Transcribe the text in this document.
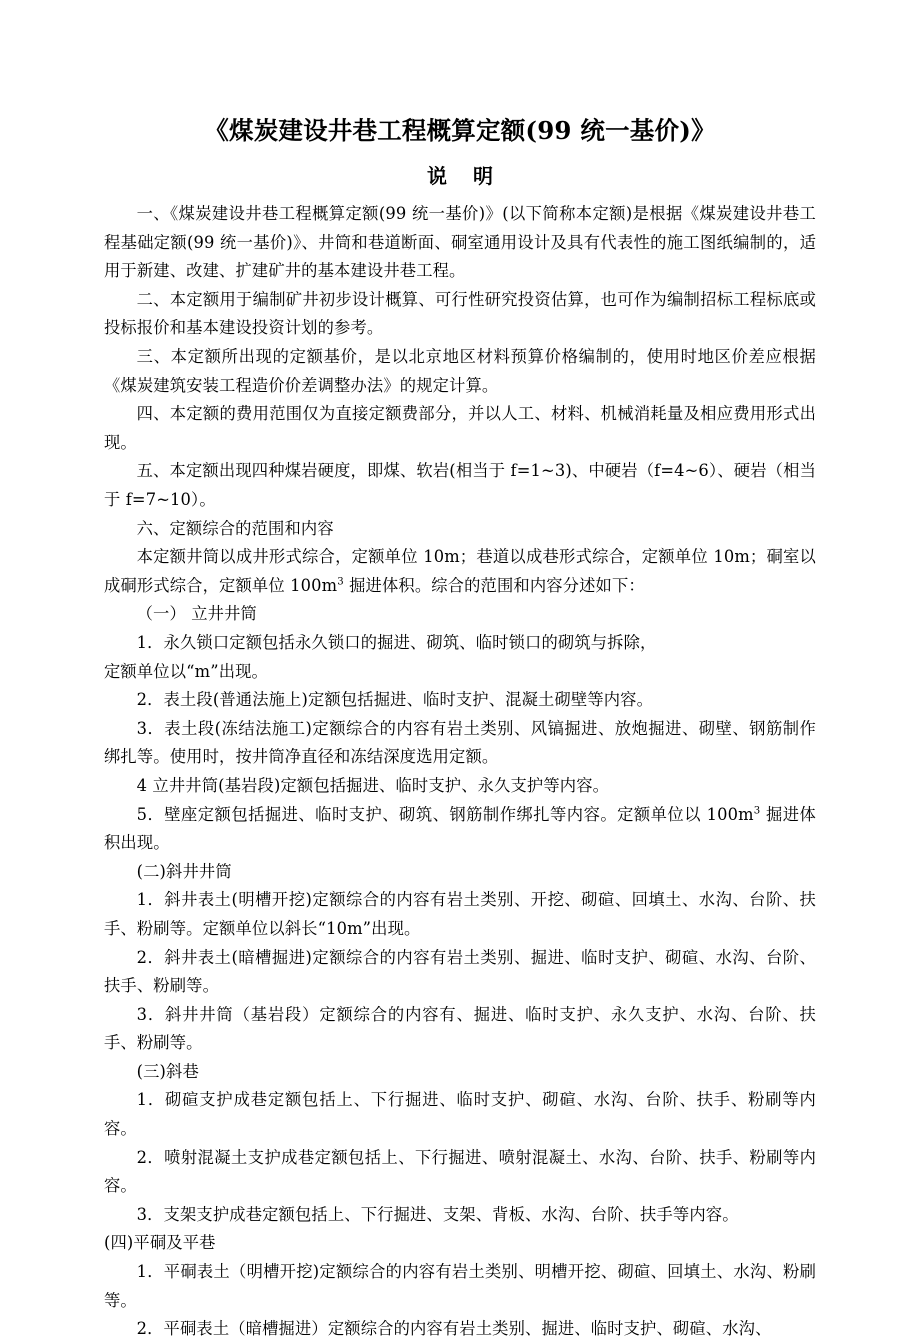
《煤炭建设井巷工程概算定额(99 统一基价)》
说 明

一、《煤炭建设井巷工程概算定额(99 统一基价)》(以下简称本定额)是根据《煤炭建设井巷工程基础定额(99 统一基价)》、井筒和巷道断面、硐室通用设计及具有代表性的施工图纸编制的，适用于新建、改建、扩建矿井的基本建设井巷工程。

二、本定额用于编制矿井初步设计概算、可行性研究投资估算，也可作为编制招标工程标底或投标报价和基本建设投资计划的参考。

三、本定额所出现的定额基价，是以北京地区材料预算价格编制的，使用时地区价差应根据《煤炭建筑安装工程造价价差调整办法》的规定计算。

四、本定额的费用范围仅为直接定额费部分，并以人工、材料、机械消耗量及相应费用形式出现。

五、本定额出现四种煤岩硬度，即煤、软岩(相当于 f=1~3)、中硬岩（f=4~6）、硬岩（相当于 f=7~10）。

六、定额综合的范围和内容

本定额井筒以成井形式综合，定额单位 10m；巷道以成巷形式综合，定额单位 10m；硐室以成硐形式综合，定额单位 $100m^3$ 掘进体积。综合的范围和内容分述如下：

（一） 立井井筒

1．永久锁口定额包括永久锁口的掘进、砌筑、临时锁口的砌筑与拆除，

定额单位以“m”出现。

2．表土段(普通法施上)定额包括掘进、临时支护、混凝土砌壁等内容。

3．表土段(冻结法施工)定额综合的内容有岩土类别、风镐掘进、放炮掘进、砌壁、钢筋制作绑扎等。使用时，按井筒净直径和冻结深度选用定额。

4 立井井筒(基岩段)定额包括掘进、临时支护、永久支护等内容。

5．壁座定额包括掘进、临时支护、砌筑、钢筋制作绑扎等内容。定额单位以 $100m^3$ 掘进体积出现。

(二)斜井井筒

1．斜井表土(明槽开挖)定额综合的内容有岩土类别、开挖、砌碹、回填土、水沟、台阶、扶手、粉刷等。定额单位以斜长“10m”出现。

2．斜井表土(暗槽掘进)定额综合的内容有岩土类别、掘进、临时支护、砌碹、水沟、台阶、扶手、粉刷等。

3．斜井井筒（基岩段）定额综合的内容有、掘进、临时支护、永久支护、水沟、台阶、扶手、粉刷等。

(三)斜巷

1．砌碹支护成巷定额包括上、下行掘进、临时支护、砌碹、水沟、台阶、扶手、粉刷等内容。

2．喷射混凝土支护成巷定额包括上、下行掘进、喷射混凝土、水沟、台阶、扶手、粉刷等内容。

3．支架支护成巷定额包括上、下行掘进、支架、背板、水沟、台阶、扶手等内容。

(四)平硐及平巷

1．平硐表土（明槽开挖)定额综合的内容有岩土类别、明槽开挖、砌碹、回填土、水沟、粉刷等。

2．平硐表土（暗槽掘进）定额综合的内容有岩土类别、掘进、临时支护、砌碹、水沟、
